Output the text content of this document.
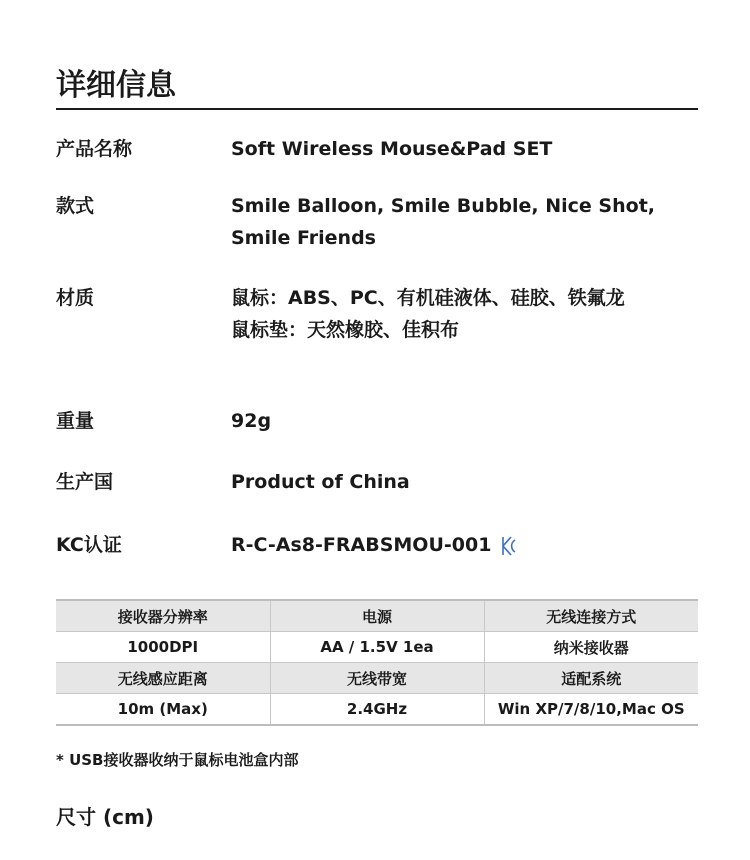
详细信息
产品名称	Soft Wireless Mouse&Pad SET
款式	Smile Balloon, Smile Bubble, Nice Shot,
Smile Friends
材质	鼠标：ABS、PC、有机硅液体、硅胶、铁氟龙
鼠标垫：天然橡胶、佳积布
重量	92g
生产国	Product of China
KC认证	R-C-As8-FRABSMOU-001
接收器分辨率	电源	无线连接方式
1000DPI	AA / 1.5V 1ea	纳米接收器
无线感应距离	无线带宽	适配系统
10m (Max)	2.4GHz	Win XP/7/8/10,Mac OS
* USB接收器收纳于鼠标电池盒内部
尺寸 (cm)
